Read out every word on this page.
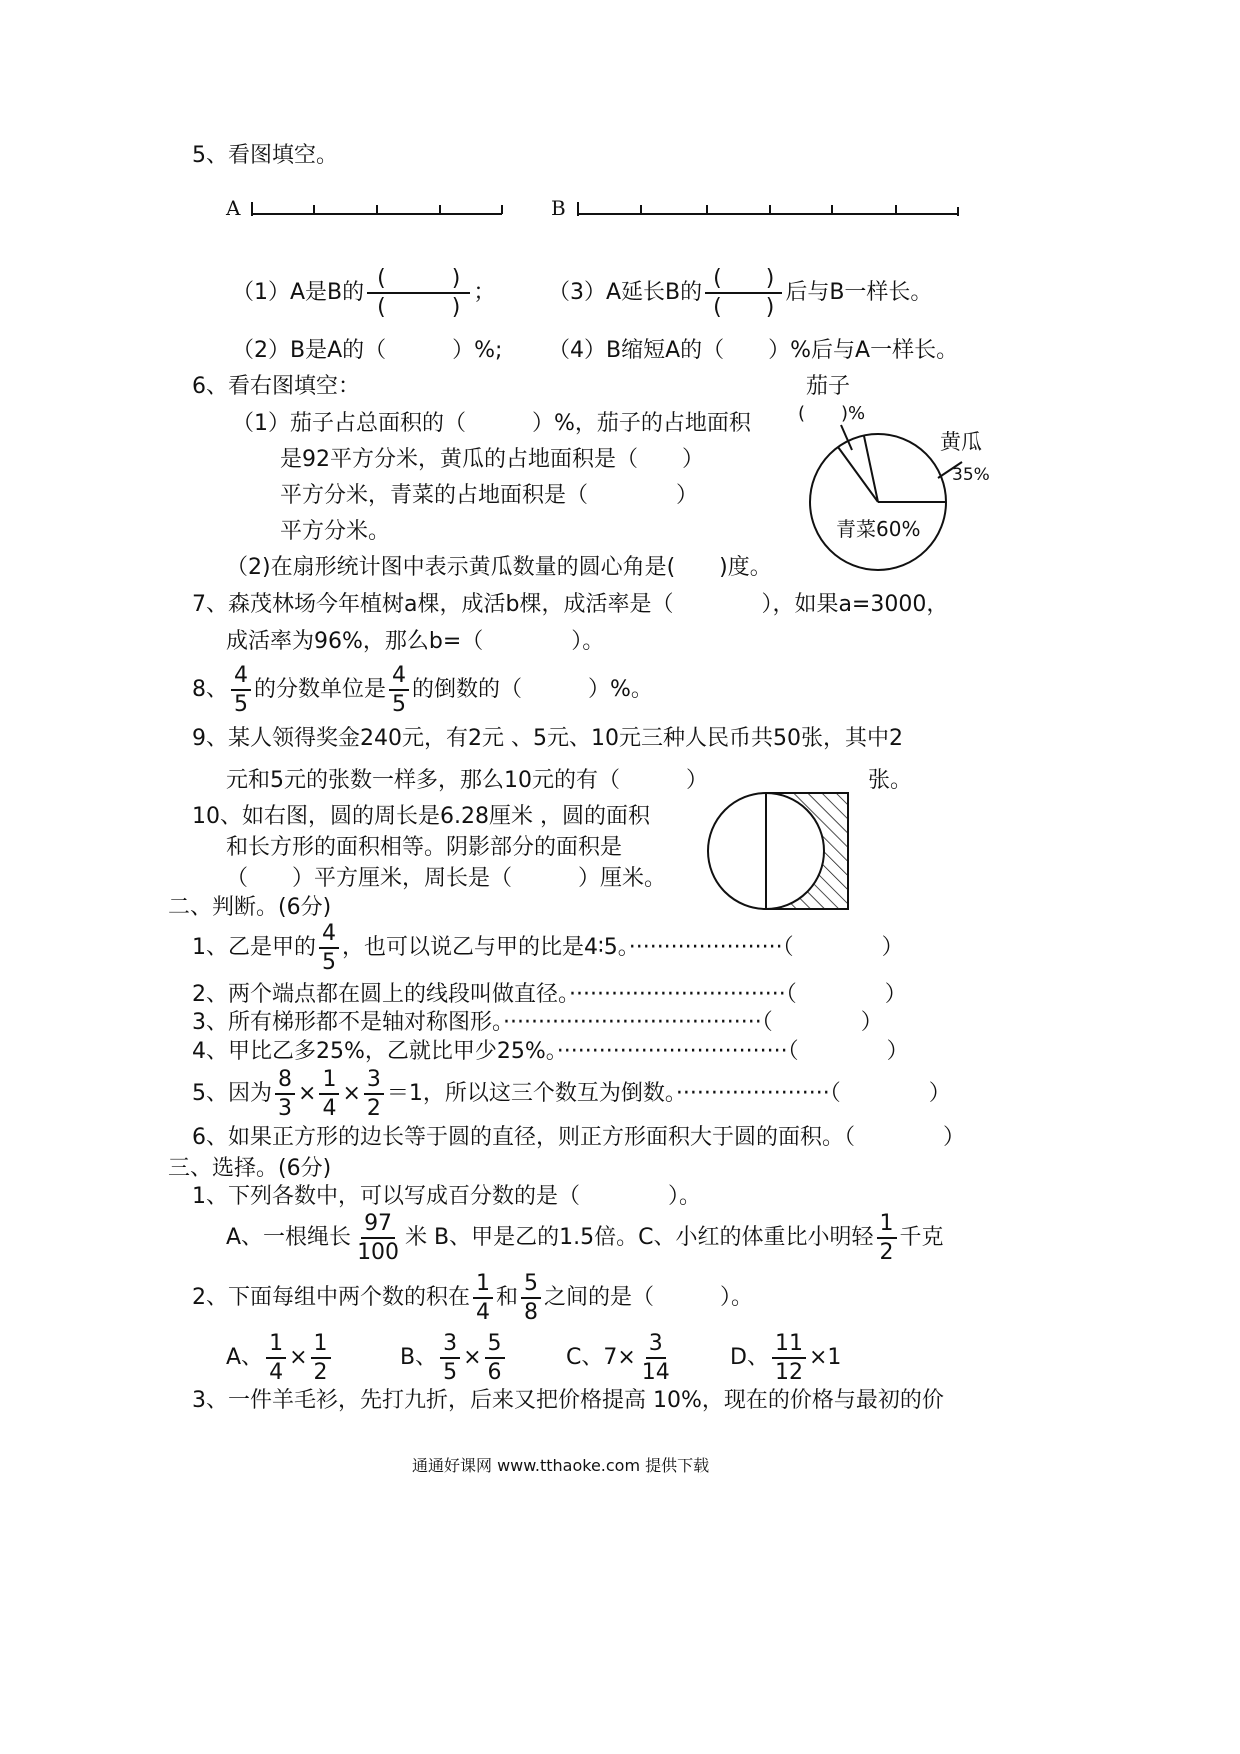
5、看图填空。
A	B
（1）A是B的 $\frac{( )}{( )}$ ； （3）A延长B的 $\frac{( )}{( )}$ 后与B一样长。
（2）B是A的（　　　）%; （4）B缩短A的（　　）%后与A一样长。
6、看右图填空：
（1）茄子占总面积的（　　　）%，茄子的占地面积
是92平方分米，黄瓜的占地面积是（　　）
平方分米，青菜的占地面积是（　　　　）
平方分米。
（2)在扇形统计图中表示黄瓜数量的圆心角是(　　)度。
茄子
(　　)%
黄瓜
35%
青菜60%
7、森茂林场今年植树a棵，成活b棵，成活率是（　　　　），如果a=3000，
成活率为96%，那么b=（　　　　）。
8、 $\frac{4}{5}$ 的分数单位是 $\frac{4}{5}$ 的倒数的（　　　）%。
9、某人领得奖金240元，有2元 、5元、10元三种人民币共50张，其中2
元和5元的张数一样多，那么10元的有（　　　）	张。
10、如右图，圆的周长是6.28厘米 ，圆的面积
和长方形的面积相等。阴影部分的面积是
（　　）平方厘米，周长是（　　　）厘米。
二、判断。(6分)
1、乙是甲的 $\frac{4}{5}$ ，也可以说乙与甲的比是4∶5。······················（　　　　）
2、两个端点都在圆上的线段叫做直径。·······························（　　　　）
3、所有梯形都不是轴对称图形。·····································（　　　　）
4、甲比乙多25%，乙就比甲少25%。·································（　　　　）
5、因为 $\frac{8}{3} \times \frac{1}{4} \times \frac{3}{2} =1$，所以这三个数互为倒数。······················（　　　　）
6、如果正方形的边长等于圆的直径，则正方形面积大于圆的面积。（　　　　）
三、选择。(6分)
1、下列各数中，可以写成百分数的是（　　　　）。
A、一根绳长 $\frac{97}{100}$ 米 B、甲是乙的1.5倍。C、小红的体重比小明轻 $\frac{1}{2}$ 千克
2、下面每组中两个数的积在 $\frac{1}{4}$ 和 $\frac{5}{8}$ 之间的是（　　　）。
A、 $\frac{1}{4} \times \frac{1}{2}$	B、 $\frac{3}{5} \times \frac{5}{6}$	C、$7\times \frac{3}{14}$	D、 $\frac{11}{12} \times 1$
3、一件羊毛衫，先打九折，后来又把价格提高 10%，现在的价格与最初的价
通通好课网 www.tthaoke.com 提供下载
